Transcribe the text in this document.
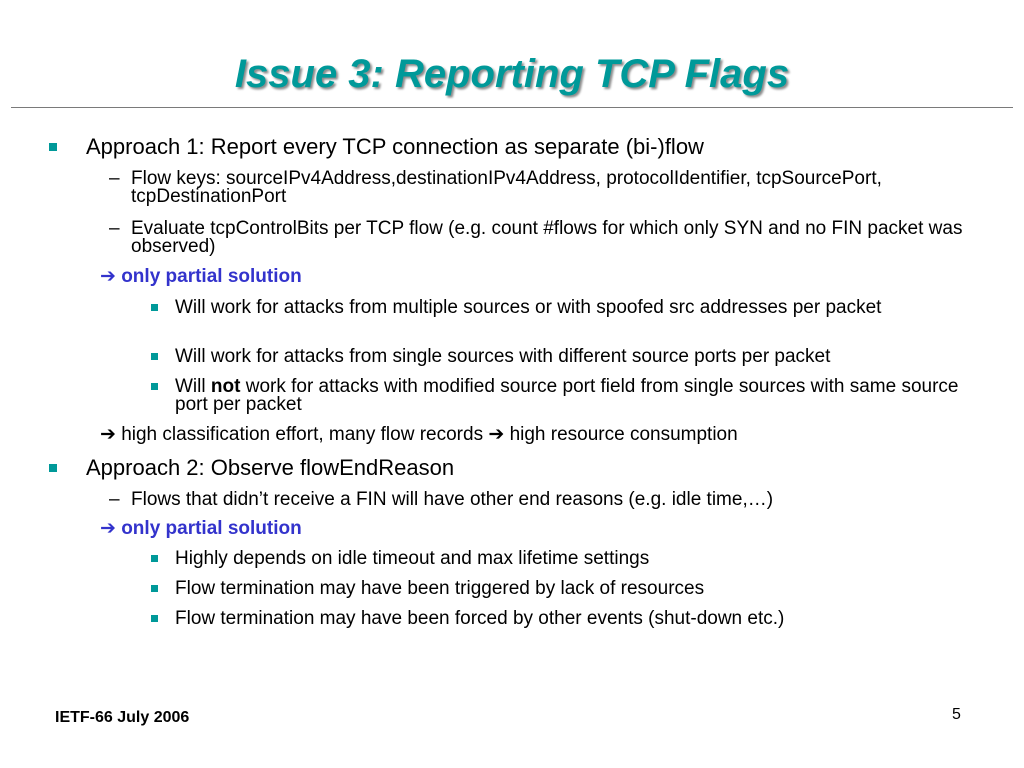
Issue 3: Reporting TCP Flags
Approach 1: Report every TCP connection as separate (bi-)flow
– Flow keys: sourceIPv4Address,destinationIPv4Address, protocolIdentifier, tcpSourcePort, tcpDestinationPort
– Evaluate tcpControlBits per TCP flow (e.g. count #flows for which only SYN and no FIN packet was observed)
➔ only partial solution
Will work for attacks from multiple sources or with spoofed src addresses per packet
Will work for attacks from single sources with different source ports per packet
Will not work for attacks with modified source port field from single sources with same source port per packet
➔ high classification effort, many flow records ➔ high resource consumption
Approach 2: Observe flowEndReason
– Flows that didn’t receive a FIN will have other end reasons (e.g. idle time,…)
➔ only partial solution
Highly depends on idle timeout and max lifetime settings
Flow termination may have been triggered by lack of resources
Flow termination may have been forced by other events (shut-down etc.)
IETF-66 July 2006	5
